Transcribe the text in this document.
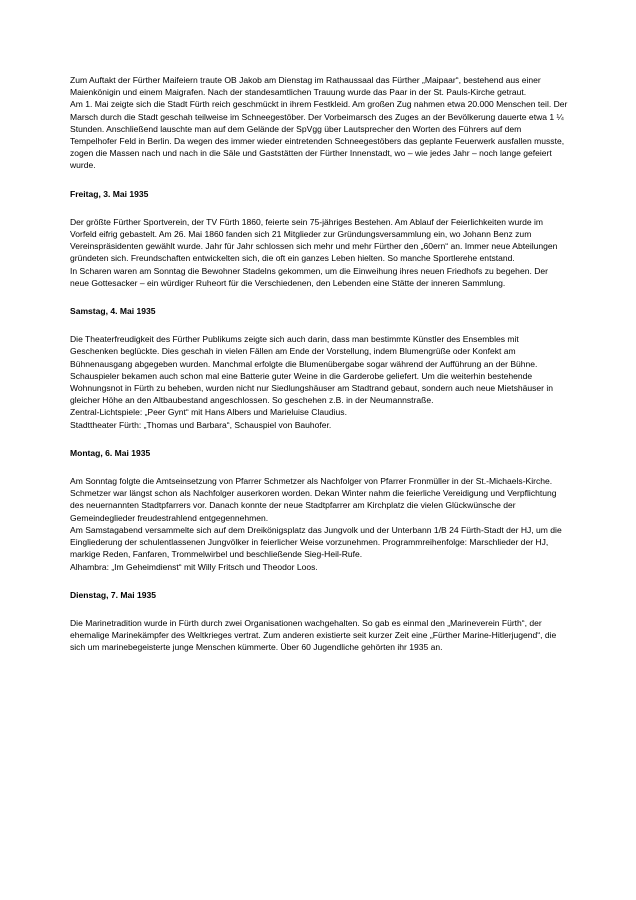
Zum Auftakt der Fürther Maifeiern traute OB Jakob am Dienstag im Rathaussaal das Fürther „Maipaar“, bestehend aus einer Maienkönigin und einem Maigrafen. Nach der standesamtlichen Trauung wurde das Paar in der St. Pauls-Kirche getraut.

Am 1. Mai zeigte sich die Stadt Fürth reich geschmückt in ihrem Festkleid. Am großen Zug nahmen etwa 20.000 Menschen teil. Der Marsch durch die Stadt geschah teilweise im Schneegestöber. Der Vorbeimarsch des Zuges an der Bevölkerung dauerte etwa 1 ¼ Stunden. Anschließend lauschte man auf dem Gelände der SpVgg über Lautsprecher den Worten des Führers auf dem Tempelhofer Feld in Berlin. Da wegen des immer wieder eintretenden Schneegestöbers das geplante Feuerwerk ausfallen musste, zogen die Massen nach und nach in die Säle und Gaststätten der Fürther Innenstadt, wo – wie jedes Jahr – noch lange gefeiert wurde.

Freitag, 3. Mai 1935

Der größte Fürther Sportverein, der TV Fürth 1860, feierte sein 75-jähriges Bestehen. Am Ablauf der Feierlichkeiten wurde im Vorfeld eifrig gebastelt. Am 26. Mai 1860 fanden sich 21 Mitglieder zur Gründungsversammlung ein, wo Johann Benz zum Vereinspräsidenten gewählt wurde. Jahr für Jahr schlossen sich mehr und mehr Fürther den „60ern“ an. Immer neue Abteilungen gründeten sich. Freundschaften entwickelten sich, die oft ein ganzes Leben hielten. So manche Sportlerehe entstand.

In Scharen waren am Sonntag die Bewohner Stadelns gekommen, um die Einweihung ihres neuen Friedhofs zu begehen. Der neue Gottesacker – ein würdiger Ruheort für die Verschiedenen, den Lebenden eine Stätte der inneren Sammlung.

Samstag, 4. Mai 1935

Die Theaterfreudigkeit des Fürther Publikums zeigte sich auch darin, dass man bestimmte Künstler des Ensembles mit Geschenken beglückte. Dies geschah in vielen Fällen am Ende der Vorstellung, indem Blumengrüße oder Konfekt am Bühnenausgang abgegeben wurden. Manchmal erfolgte die Blumenübergabe sogar während der Aufführung an der Bühne. Schauspieler bekamen auch schon mal eine Batterie guter Weine in die Garderobe geliefert. Um die weiterhin bestehende Wohnungsnot in Fürth zu beheben, wurden nicht nur Siedlungshäuser am Stadtrand gebaut, sondern auch neue Mietshäuser in gleicher Höhe an den Altbaubestand angeschlossen. So geschehen z.B. in der Neumannstraße.

Zentral-Lichtspiele: „Peer Gynt“ mit Hans Albers und Marieluise Claudius.

Stadttheater Fürth: „Thomas und Barbara“, Schauspiel von Bauhofer.

Montag, 6. Mai 1935

Am Sonntag folgte die Amtseinsetzung von Pfarrer Schmetzer als Nachfolger von Pfarrer Fronmüller in der St.-Michaels-Kirche. Schmetzer war längst schon als Nachfolger auserkoren worden. Dekan Winter nahm die feierliche Vereidigung und Verpflichtung des neuernannten Stadtpfarrers vor. Danach konnte der neue Stadtpfarrer am Kirchplatz die vielen Glückwünsche der Gemeindeglieder freudestrahlend entgegennehmen.

Am Samstagabend versammelte sich auf dem Dreikönigsplatz das Jungvolk und der Unterbann 1/B 24 Fürth-Stadt der HJ, um die Eingliederung der schulentlassenen Jungvölker in feierlicher Weise vorzunehmen. Programmreihenfolge: Marschlieder der HJ, markige Reden, Fanfaren, Trommelwirbel und beschließende Sieg-Heil-Rufe.

Alhambra: „Im Geheimdienst“ mit Willy Fritsch und Theodor Loos.

Dienstag, 7. Mai 1935

Die Marinetradition wurde in Fürth durch zwei Organisationen wachgehalten. So gab es einmal den „Marineverein Fürth“, der ehemalige Marinekämpfer des Weltkrieges vertrat. Zum anderen existierte seit kurzer Zeit eine „Fürther Marine-Hitlerjugend“, die sich um marinebegeisterte junge Menschen kümmerte. Über 60 Jugendliche gehörten ihr 1935 an.
